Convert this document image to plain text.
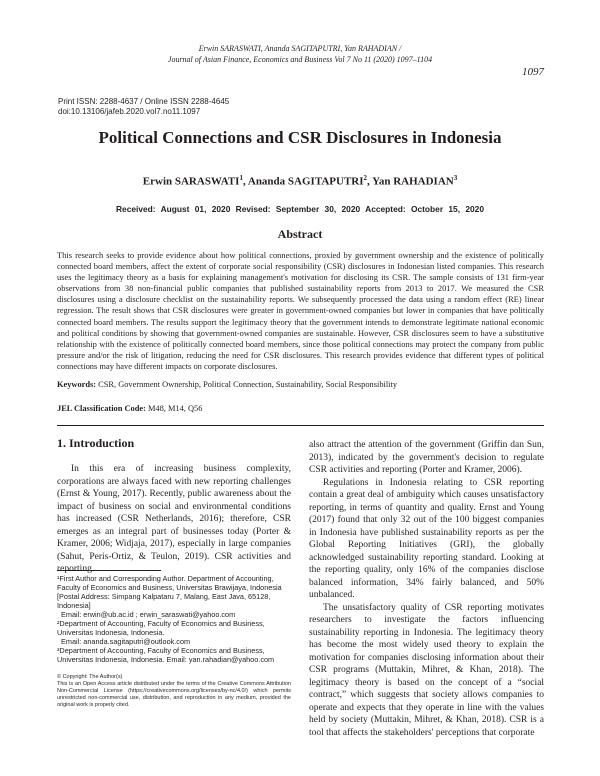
Erwin SARASWATI, Ananda SAGITAPUTRI, Yan RAHADIAN /
Journal of Asian Finance, Economics and Business Vol 7 No 11 (2020) 1097–1104
1097
Print ISSN: 2288-4637 / Online ISSN 2288-4645
doi:10.13106/jafeb.2020.vol7.no11.1097
Political Connections and CSR Disclosures in Indonesia
Erwin SARASWATI$^1$, Ananda SAGITAPUTRI$^2$, Yan RAHADIAN$^3$
Received: August 01, 2020 Revised: September 30, 2020 Accepted: October 15, 2020
Abstract
This research seeks to provide evidence about how political connections, proxied by government ownership and the existence of politically connected board members, affect the extent of corporate social responsibility (CSR) disclosures in Indonesian listed companies. This research uses the legitimacy theory as a basis for explaining management's motivation for disclosing its CSR. The sample consists of 131 firm-year observations from 38 non-financial public companies that published sustainability reports from 2013 to 2017. We measured the CSR disclosures using a disclosure checklist on the sustainability reports. We subsequently processed the data using a random effect (RE) linear regression. The result shows that CSR disclosures were greater in government-owned companies but lower in companies that have politically connected board members. The results support the legitimacy theory that the government intends to demonstrate legitimate national economic and political conditions by showing that government-owned companies are sustainable. However, CSR disclosures seem to have a substitutive relationship with the existence of politically connected board members, since those political connections may protect the company from public pressure and/or the risk of litigation, reducing the need for CSR disclosures. This research provides evidence that different types of political connections may have different impacts on corporate disclosures.
Keywords: CSR, Government Ownership, Political Connection, Sustainability, Social Responsibility
JEL Classification Code: M48, M14, Q56
1. Introduction

In this era of increasing business complexity, corporations are always faced with new reporting challenges (Ernst & Young, 2017). Recently, public awareness about the impact of business on social and environmental conditions has increased (CSR Netherlands, 2016); therefore, CSR emerges as an integral part of businesses today (Porter & Kramer, 2006; Widjaja, 2017), especially in large companies (Sahut, Peris-Ortiz, & Teulon, 2019). CSR activities and reporting

also attract the attention of the government (Griffin dan Sun, 2013), indicated by the government's decision to regulate CSR activities and reporting (Porter and Kramer, 2006).

Regulations in Indonesia relating to CSR reporting contain a great deal of ambiguity which causes unsatisfactory reporting, in terms of quantity and quality. Ernst and Young (2017) found that only 32 out of the 100 biggest companies in Indonesia have published sustainability reports as per the Global Reporting Initiatives (GRI), the globally acknowledged sustainability reporting standard. Looking at the reporting quality, only 16% of the companies disclose balanced information, 34% fairly balanced, and 50% unbalanced.

The unsatisfactory quality of CSR reporting motivates researchers to investigate the factors influencing sustainability reporting in Indonesia. The legitimacy theory has become the most widely used theory to explain the motivation for companies disclosing information about their CSR programs (Muttakin, Mihret, & Khan, 2018). The legitimacy theory is based on the concept of a “social contract,” which suggests that society allows companies to operate and expects that they operate in line with the values held by society (Muttakin, Mihret, & Khan, 2018). CSR is a tool that affects the stakeholders' perceptions that corporate

¹First Author and Corresponding Author. Department of Accounting, Faculty of Economics and Business, Universitas Brawijaya, Indonesia [Postal Address: Simpang Kalpataru 7, Malang, East Java, 65128, Indonesia]
Email: erwin@ub.ac.id ; erwin_saraswati@yahoo.com
²Department of Accounting, Faculty of Economics and Business, Universitas Indonesia, Indonesia.
Email: ananda.sagitaputri@outlook.com
³Department of Accounting, Faculty of Economics and Business, Universitas Indonesia, Indonesia. Email: yan.rahadian@yahoo.com
© Copyright: The Author(s)
This is an Open Access article distributed under the terms of the Creative Commons Attribution Non-Commercial License (https://creativecommons.org/licenses/by-nc/4.0/) which permits unrestricted non-commercial use, distribution, and reproduction in any medium, provided the original work is properly cited.
